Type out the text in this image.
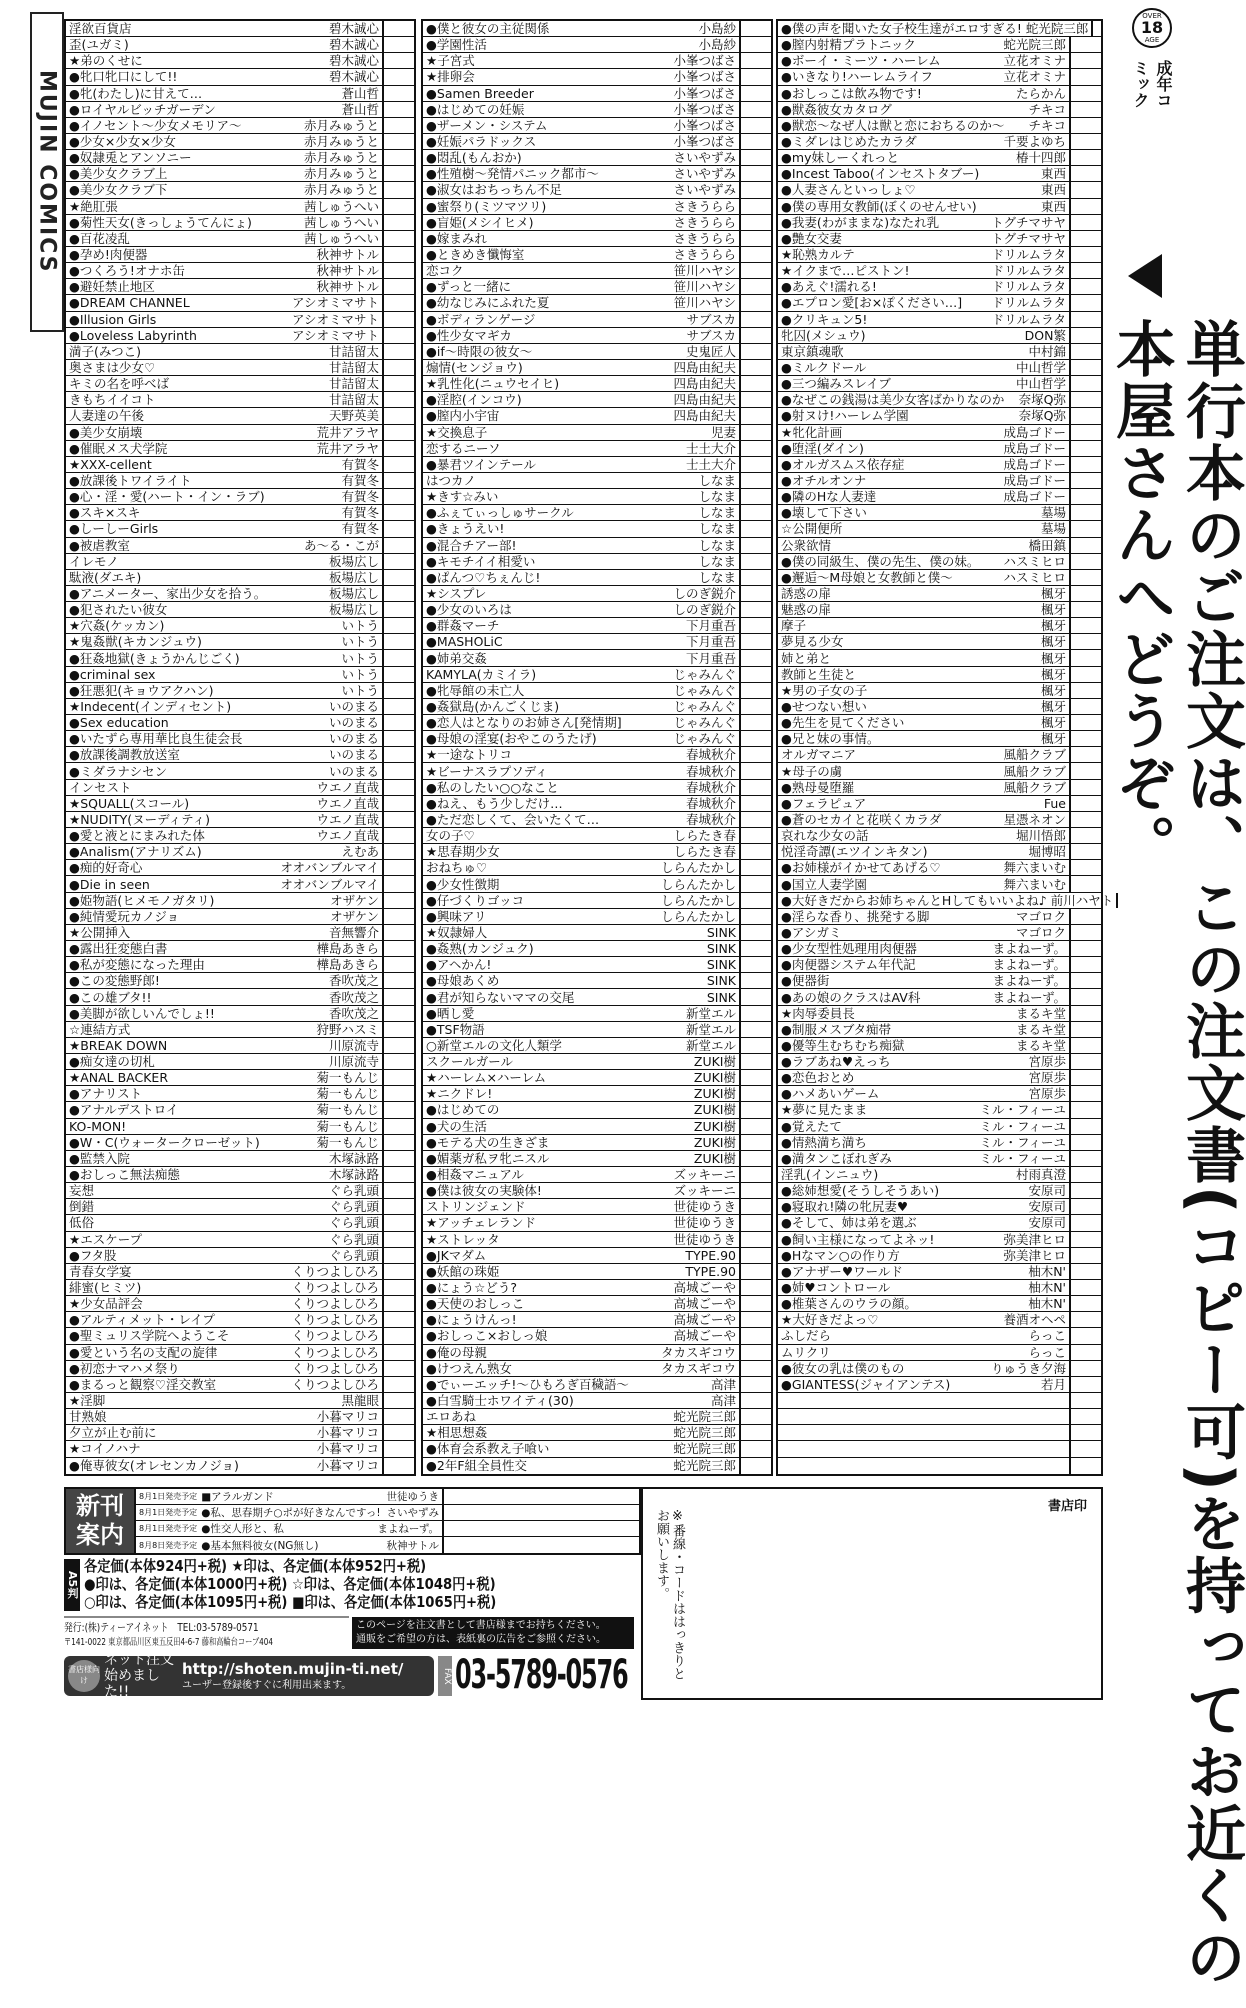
MUJIN COMICS
淫欲百貨店	碧木誠心
歪(ユガミ)	碧木誠心
★弟のくせに	碧木誠心
●牝口牝口にして!!	碧木誠心
●牝(わたし)に甘えて…	蒼山哲
●ロイヤルビッチガーデン	蒼山哲
●イノセント〜少女メモリア〜	赤月みゅうと
●少女×少女×少女	赤月みゅうと
●奴隷兎とアンソニー	赤月みゅうと
●美少女クラブ上	赤月みゅうと
●美少女クラブ下	赤月みゅうと
★絶肛張	茜しゅうへい
●菊性天女(きっしょうてんにょ)	茜しゅうへい
●百花凌乱	茜しゅうへい
●孕め!肉便器	秋神サトル
●つくろう!オナホ缶	秋神サトル
●避妊禁止地区	秋神サトル
●DREAM CHANNEL	アシオミマサト
●Illusion Girls	アシオミマサト
●Loveless Labyrinth	アシオミマサト
満子(みつこ)	甘詰留太
奥さまは少女♡	甘詰留太
キミの名を呼べば	甘詰留太
きもちイイコト	甘詰留太
人妻達の午後	天野英美
●美少女崩壊	荒井アラヤ
●催眠メス犬学院	荒井アラヤ
★XXX-cellent	有賀冬
●放課後トワイライト	有賀冬
●心・淫・愛(ハート・イン・ラブ)	有賀冬
●スキ×スキ	有賀冬
●しーしーGirls	有賀冬
●被虐教室	あ〜る・こが
イレモノ	板場広し
駄液(ダエキ)	板場広し
●アニメーター、家出少女を拾う。	板場広し
●犯されたい彼女	板場広し
★穴姦(ケッカン)	いトう
★鬼姦獣(キカンジュウ)	いトう
●狂姦地獄(きょうかんじごく)	いトう
●criminal sex	いトう
●狂悪犯(キョウアクハン)	いトう
★Indecent(インディセント)	いのまる
●Sex education	いのまる
●いたずら専用華比良生徒会長	いのまる
●放課後調教放送室	いのまる
●ミダラナシセン	いのまる
インセスト	ウエノ直哉
★SQUALL(スコール)	ウエノ直哉
★NUDITY(ヌーディティ)	ウエノ直哉
●愛と液とにまみれた体	ウエノ直哉
●Analism(アナリズム)	えむあ
●痴的好奇心	オオバンブルマイ
●Die in seen	オオバンブルマイ
●姫物語(ヒメモノガタリ)	オザケン
●純情愛玩カノジョ	オザケン
★公開挿入	音無響介
●露出狂変態白書	樺島あきら
●私が変態になった理由	樺島あきら
●この変態野郎!	香吹茂之
●この雄ブタ!!	香吹茂之
●美脚が欲しいんでしょ!!	香吹茂之
☆連結方式	狩野ハスミ
★BREAK DOWN	川原流寺
●痴女達の切札	川原流寺
★ANAL BACKER	菊一もんじ
●アナリスト	菊一もんじ
●アナルデストロイ	菊一もんじ
KO-MON!	菊一もんじ
●W・C(ウォータークローゼット)	菊一もんじ
●監禁入院	木塚詠路
●おしっこ無法痴態	木塚詠路
妄想	ぐら乳頭
倒錯	ぐら乳頭
低俗	ぐら乳頭
★エスケープ	ぐら乳頭
●フタ股	ぐら乳頭
青春女学宴	くりつよしひろ
緋蜜(ヒミツ)	くりつよしひろ
★少女品評会	くりつよしひろ
●アルティメット・レイプ	くりつよしひろ
●聖ミュリス学院へようこそ	くりつよしひろ
●愛という名の支配の旋律	くりつよしひろ
●初恋ナマハメ祭り	くりつよしひろ
●まるっと観察♡淫交教室	くりつよしひろ
★淫脚	黒龍眼
甘熟娘	小暮マリコ
夕立が止む前に	小暮マリコ
★コイノハナ	小暮マリコ
●俺専彼女(オレセンカノジョ)	小暮マリコ
●僕と彼女の主従関係	小島紗
●学園性活	小島紗
★子宮式	小峯つばさ
★排卵会	小峯つばさ
●Samen Breeder	小峯つばさ
●はじめての妊娠	小峯つばさ
●ザーメン・システム	小峯つばさ
●妊娠パラドックス	小峯つばさ
●悶乱(もんおか)	さいやずみ
●性殖樹〜発情パニック都市〜	さいやずみ
●淑女はおちっちん不足	さいやずみ
●蜜祭り(ミツマツリ)	さきうらら
●盲姫(メシイヒメ)	さきうらら
●嫁まみれ	さきうらら
●ときめき懺悔室	さきうらら
恋コク	笹川ハヤシ
●ずっと一緒に	笹川ハヤシ
●幼なじみにふれた夏	笹川ハヤシ
●ボディランゲージ	サブスカ
●性少女マギカ	サブスカ
●if〜時限の彼女〜	史鬼匠人
煽情(センジョウ)	四島由紀夫
★乳性化(ニュウセイヒ)	四島由紀夫
●淫腔(インコウ)	四島由紀夫
●膣内小宇宙	四島由紀夫
★交換息子	児妻
恋するニーソ	士土大介
●暴君ツインテール	士土大介
はつカノ	しなま
★きす☆みい	しなま
●ふぇてぃっしゅサークル	しなま
●きょうえい!	しなま
●混合チアー部!	しなま
●キモチイイ相愛い	しなま
●ぱんつ♡ちぇんじ!	しなま
★シスプレ	しのぎ鋭介
●少女のいろは	しのぎ鋭介
●群姦マーチ	下月重吾
●MASHOLiC	下月重吾
●姉弟交姦	下月重吾
KAMYLA(カミイラ)	じゃみんぐ
●牝辱館の未亡人	じゃみんぐ
●姦獄島(かんごくじま)	じゃみんぐ
●恋人はとなりのお姉さん[発情期]	じゃみんぐ
●母娘の淫宴(おやこのうたげ)	じゃみんぐ
★一途なトリコ	春城秋介
★ビーナスラプソディ	春城秋介
●私のしたい○○なこと	春城秋介
●ねえ、もう少しだけ…	春城秋介
●ただ恋しくて、会いたくて…	春城秋介
女の子♡	しらたき春
★思春期少女	しらたき春
おねちゅ♡	しらんたかし
●少女性徴期	しらんたかし
●仔づくりゴッコ	しらんたかし
●興味アリ	しらんたかし
★奴隷婦人	SINK
●姦熟(カンジュク)	SINK
●アヘかん!	SINK
●母娘あくめ	SINK
●君が知らないママの交尾	SINK
●晒し愛	新堂エル
●TSF物語	新堂エル
○新堂エルの文化人類学	新堂エル
スクールガール	ZUKI樹
★ハーレム×ハーレム	ZUKI樹
★ニクドレ!	ZUKI樹
●はじめての	ZUKI樹
●犬の生活	ZUKI樹
●モテる犬の生きざま	ZUKI樹
●媚薬ガ私ヲ牝ニスル	ZUKI樹
●相姦マニュアル	ズッキーニ
●僕は彼女の実験体!	ズッキーニ
ストリンジェンド	世徒ゆうき
★アッチェレランド	世徒ゆうき
★ストレッタ	世徒ゆうき
●JKマダム	TYPE.90
●妖館の珠姫	TYPE.90
●にょう☆どう?	高城ごーや
●天使のおしっこ	高城ごーや
●にょうけんっ!	高城ごーや
●おしっこ×おしっ娘	高城ごーや
●俺の母親	タカスギコウ
●けつえん熟女	タカスギコウ
●でぃーエッチ!〜ひもろぎ百穢語〜	高津
●白雪騎士ホワイティ(30)	高津
エロあね	蛇光院三郎
★相思想姦	蛇光院三郎
●体育会系教え子喰い	蛇光院三郎
●2年F組全員性交	蛇光院三郎
●僕の声を聞いた女子校生達がエロすぎる! 蛇光院三郎
●膣内射精プラトニック	蛇光院三郎
●ボーイ・ミーツ・ハーレム	立花オミナ
●いきなり!ハーレムライフ	立花オミナ
●おしっこは飲み物です!	たらかん
●獣姦彼女カタログ	チキコ
●獣恋〜なぜ人は獣と恋におちるのか〜 チキコ
●ミダレはじめたカラダ	千要よゆち
●my妹しーくれっと	椿十四郎
●Incest Taboo(インセストタブー)	東西
●人妻さんといっしょ♡	東西
●僕の専用女教師(ぼくのせんせい)	東西
●我妻(わがままな)なたれ乳	トグチマサヤ
●艶女交妻	トグチマサヤ
★恥熟カルテ	ドリルムラタ
★イクまで…ピストン!	ドリルムラタ
●あえぐ!濡れる!	ドリルムラタ
●エプロン愛[お×ぽください…] ドリルムラタ
●クリキュン5!	ドリルムラタ
牝囚(メシュウ)	DON繁
東京鎮魂歌	中村錦
●ミルクドール	中山哲学
●三つ編みスレイブ	中山哲学
●なぜこの銭湯は美少女客ばかりなのか 奈塚Q弥
●射ヌけ!ハーレム学園	奈塚Q弥
★牝化計画	成島ゴドー
●堕淫(ダイン)	成島ゴドー
●オルガスムス依存症	成島ゴドー
●オチルオンナ	成島ゴドー
●隣のHな人妻達	成島ゴドー
●壊して下さい	墓場
☆公開便所	墓場
公衆欲情	橋田鎮
●僕の同級生、僕の先生、僕の妹。 ハスミヒロ
●邂逅〜M母娘と女教師と僕〜	ハスミヒロ
誘惑の扉	楓牙
魅惑の扉	楓牙
摩子	楓牙
夢見る少女	楓牙
姉と弟と	楓牙
教師と生徒と	楓牙
★男の子女の子	楓牙
●せつない想い	楓牙
●先生を見てください	楓牙
●兄と妹の事情。	楓牙
オルガマニア	風船クラブ
★母子の虜	風船クラブ
●熟母曼堕羅	風船クラブ
●フェラピュア	Fue
●蒼のセカイと花咲くカラダ	星憑ネオン
哀れな少女の話	堀川悟郎
悦淫奇譚(エツインキタン)	堀博昭
●お姉様がイかせてあげる♡	舞六まいむ
●国立人妻学園	舞六まいむ
●大好きだからお姉ちゃんとHしてもいいよね♪ 前川ハヤト
●淫らな香り、挑発する脚	マゴロク
●アシガミ	マゴロク
●少女型性処理用肉便器	まよねーず。
●肉便器システム年代記	まよねーず。
●便器街	まよねーず。
●あの娘のクラスはAV科	まよねーず。
★肉辱委員長	まるキ堂
●制服メスブタ痴帯	まるキ堂
●優等生むちむち痴獄	まるキ堂
●ラブあね♥えっち	宮原歩
●恋色おとめ	宮原歩
●ハメあいゲーム	宮原歩
★夢に見たまま	ミル・フィーユ
●覚えたて	ミル・フィーユ
●情熱満ち満ち	ミル・フィーユ
●満タンこぼれぎみ	ミル・フィーユ
淫乳(インニュウ)	村雨真澄
●総姉想愛(そうしそうあい)	安原司
●寝取れ!隣の牝尻妻♥	安原司
●そして、姉は弟を選ぶ	安原司
●飼い主様になってよネッ!	弥美津ヒロ
●Hなマン○の作り方	弥美津ヒロ
●アナザー♥ワールド	柚木N'
●姉♥コントロール	柚木N'
●椎葉さんのウラの顔。	柚木N'
★大好きだよっ♡	養酒オヘペ
ふしだら	らっこ
ムリクリ	らっこ
●彼女の乳は僕のもの	りゅうき夕海
●GIANTESS(ジャイアンテス)	若月
OVER
18
AGE
成年コミック
単行本のご注文は、この注文書(コピー可)を持ってお近くの本屋さんへどうぞ。
新刊案内
8月1日発売予定 ■アラルガンド	世徒ゆうき
8月1日発売予定 ●私、思春期チ○ポが好きなんですっ! さいやずみ
8月1日発売予定 ●性交人形と、私	まよねーず。
8月8日発売予定 ●基本無料彼女(NG無し)	秋神サトル
書店印
※番線・コードははっきりとお願いします。
A5判
各定価(本体924円+税) ★印は、各定価(本体952円+税)
●印は、各定価(本体1000円+税) ☆印は、各定価(本体1048円+税)
○印は、各定価(本体1095円+税) ■印は、各定価(本体1065円+税)
発行:(株)ティーアイネット　TEL:03-5789-0571
〒141-0022 東京都品川区東五反田4-6-7 藤和高輪台コーブ404
このページを注文書として書店様までお持ちください。
通販をご希望の方は、表紙裏の広告をご参照ください。
書店様向け
ネット注文始めました!!
http://shoten.mujin-ti.net/
ユーザー登録後すぐに利用出来ます。
FAX 03-5789-0576
